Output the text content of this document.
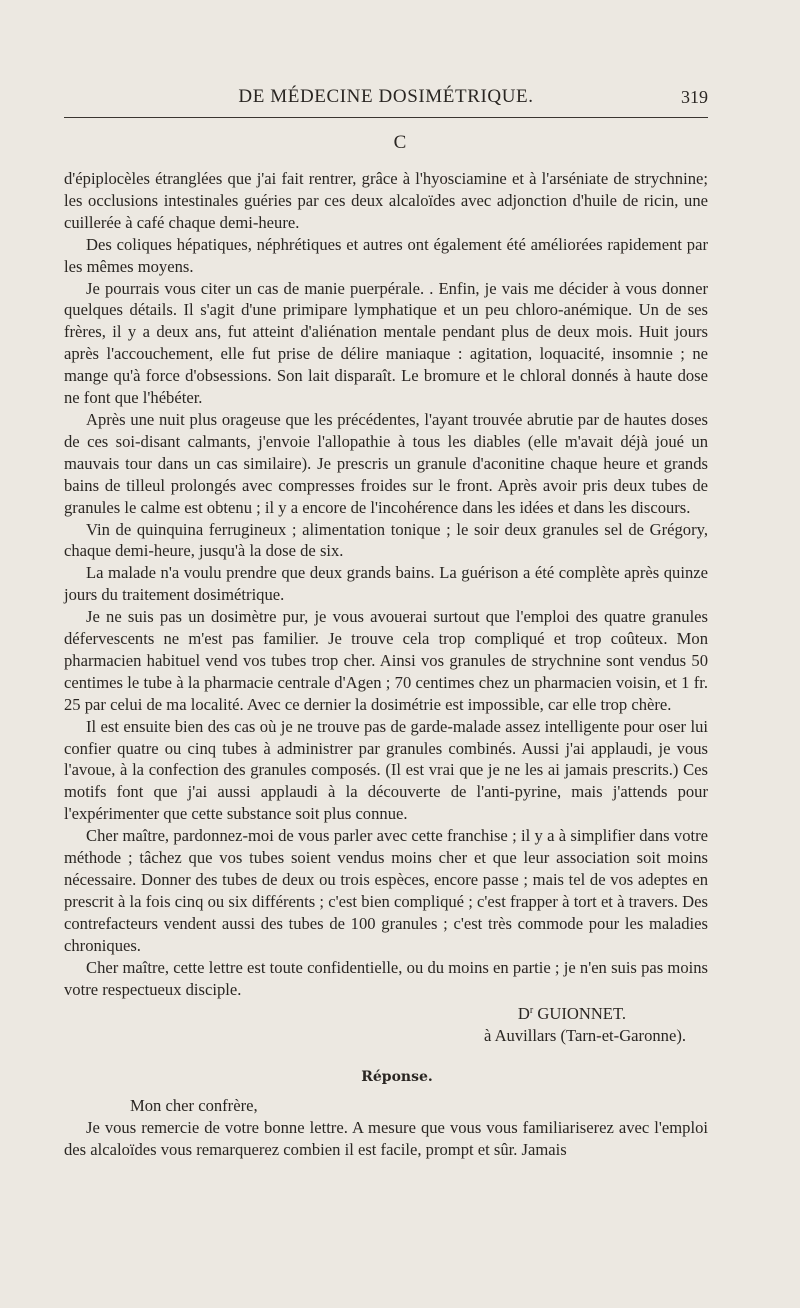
DE MÉDECINE DOSIMÉTRIQUE.	319
C

d'épiplocèles étranglées que j'ai fait rentrer, grâce à l'hyosciamine et à l'arséniate de strychnine; les occlusions intestinales guéries par ces deux alcaloïdes avec adjonction d'huile de ricin, une cuillerée à café chaque demi-heure.

Des coliques hépatiques, néphrétiques et autres ont également été améliorées rapidement par les mêmes moyens.

Je pourrais vous citer un cas de manie puerpérale. . Enfin, je vais me décider à vous donner quelques détails. Il s'agit d'une primipare lymphatique et un peu chloro-anémique. Un de ses frères, il y a deux ans, fut atteint d'aliénation mentale pendant plus de deux mois. Huit jours après l'accouchement, elle fut prise de délire maniaque : agitation, loquacité, insomnie ; ne mange qu'à force d'obsessions. Son lait disparaît. Le bromure et le chloral donnés à haute dose ne font que l'hébéter.

Après une nuit plus orageuse que les précédentes, l'ayant trouvée abrutie par de hautes doses de ces soi-disant calmants, j'envoie l'allopathie à tous les diables (elle m'avait déjà joué un mauvais tour dans un cas similaire). Je prescris un granule d'aconitine chaque heure et grands bains de tilleul prolongés avec compresses froides sur le front. Après avoir pris deux tubes de granules le calme est obtenu ; il y a encore de l'incohérence dans les idées et dans les discours.

Vin de quinquina ferrugineux ; alimentation tonique ; le soir deux granules sel de Grégory, chaque demi-heure, jusqu'à la dose de six.

La malade n'a voulu prendre que deux grands bains. La guérison a été complète après quinze jours du traitement dosimétrique.

Je ne suis pas un dosimètre pur, je vous avouerai surtout que l'emploi des quatre granules défervescents ne m'est pas familier. Je trouve cela trop compliqué et trop coûteux. Mon pharmacien habituel vend vos tubes trop cher. Ainsi vos granules de strychnine sont vendus 50 centimes le tube à la pharmacie centrale d'Agen ; 70 centimes chez un pharmacien voisin, et 1 fr. 25 par celui de ma localité. Avec ce dernier la dosimétrie est impossible, car elle trop chère.

Il est ensuite bien des cas où je ne trouve pas de garde-malade assez intelligente pour oser lui confier quatre ou cinq tubes à administrer par granules combinés. Aussi j'ai applaudi, je vous l'avoue, à la confection des granules composés. (Il est vrai que je ne les ai jamais prescrits.) Ces motifs font que j'ai aussi applaudi à la découverte de l'anti-pyrine, mais j'attends pour l'expérimenter que cette substance soit plus connue.

Cher maître, pardonnez-moi de vous parler avec cette franchise ; il y a à simplifier dans votre méthode ; tâchez que vos tubes soient vendus moins cher et que leur association soit moins nécessaire. Donner des tubes de deux ou trois espèces, encore passe ; mais tel de vos adeptes en prescrit à la fois cinq ou six différents ; c'est bien compliqué ; c'est frapper à tort et à travers. Des contrefacteurs vendent aussi des tubes de 100 granules ; c'est très commode pour les maladies chroniques.

Cher maître, cette lettre est toute confidentielle, ou du moins en partie ; je n'en suis pas moins votre respectueux disciple.

$D^r$ GUIONNET.

à Auvillars (Tarn-et-Garonne).

Réponse.

Mon cher confrère,

Je vous remercie de votre bonne lettre. A mesure que vous vous familiariserez avec l'emploi des alcaloïdes vous remarquerez combien il est facile, prompt et sûr. Jamais
